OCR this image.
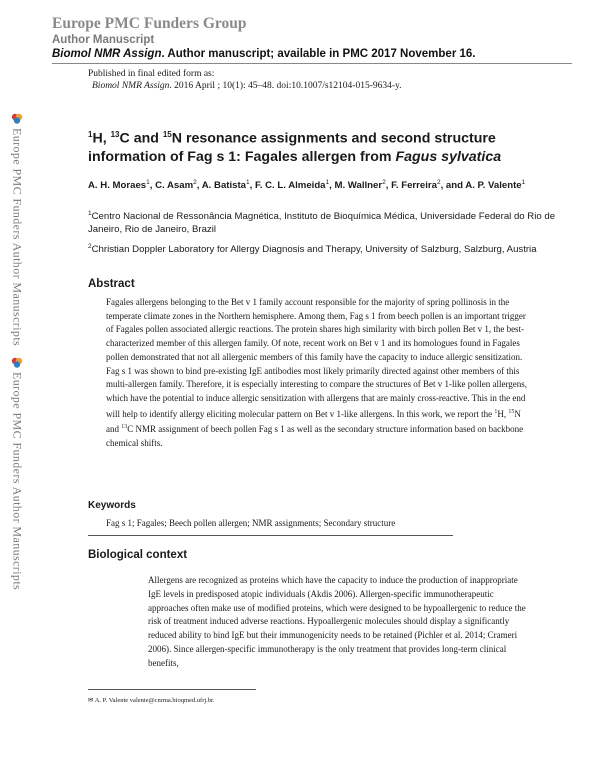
Europe PMC Funders Group
Author Manuscript
Biomol NMR Assign. Author manuscript; available in PMC 2017 November 16.
Published in final edited form as:
Biomol NMR Assign. 2016 April ; 10(1): 45–48. doi:10.1007/s12104-015-9634-y.
Europe PMC Funders Author Manuscripts
Europe PMC Funders Author Manuscripts
$^1$H, $^{13}$C and $^{15}$N resonance assignments and second structure information of Fag s 1: Fagales allergen from Fagus sylvatica
A. H. Moraes$^1$, C. Asam$^2$, A. Batista$^1$, F. C. L. Almeida$^1$, M. Wallner$^2$, F. Ferreira$^2$, and A. P. Valente$^1$
$^1$Centro Nacional de Ressonância Magnética, Instituto de Bioquímica Médica, Universidade Federal do Rio de Janeiro, Rio de Janeiro, Brazil
$^2$Christian Doppler Laboratory for Allergy Diagnosis and Therapy, University of Salzburg, Salzburg, Austria
Abstract
Fagales allergens belonging to the Bet v 1 family account responsible for the majority of spring pollinosis in the temperate climate zones in the Northern hemisphere. Among them, Fag s 1 from beech pollen is an important trigger of Fagales pollen associated allergic reactions. The protein shares high similarity with birch pollen Bet v 1, the best-characterized member of this allergen family. Of note, recent work on Bet v 1 and its homologues found in Fagales pollen demonstrated that not all allergenic members of this family have the capacity to induce allergic sensitization. Fag s 1 was shown to bind pre-existing IgE antibodies most likely primarily directed against other members of this multi-allergen family. Therefore, it is especially interesting to compare the structures of Bet v 1-like pollen allergens, which have the potential to induce allergic sensitization with allergens that are mainly cross-reactive. This in the end will help to identify allergy eliciting molecular pattern on Bet v 1-like allergens. In this work, we report the $^1$H, $^{15}$N and $^{13}$C NMR assignment of beech pollen Fag s 1 as well as the secondary structure information based on backbone chemical shifts.
Keywords
Fag s 1; Fagales; Beech pollen allergen; NMR assignments; Secondary structure
Biological context
Allergens are recognized as proteins which have the capacity to induce the production of inappropriate IgE levels in predisposed atopic individuals (Akdis 2006). Allergen-specific immunotherapeutic approaches often make use of modified proteins, which were designed to be hypoallergenic to reduce the risk of treatment induced adverse reactions. Hypoallergenic molecules should display a significantly reduced ability to bind IgE but their immunogenicity needs to be retained (Pichler et al. 2014; Crameri 2006). Since allergen-specific immunotherapy is the only treatment that provides long-term clinical benefits,
✉ A. P. Valente valente@cnrma.bioqmed.ufrj.br.
